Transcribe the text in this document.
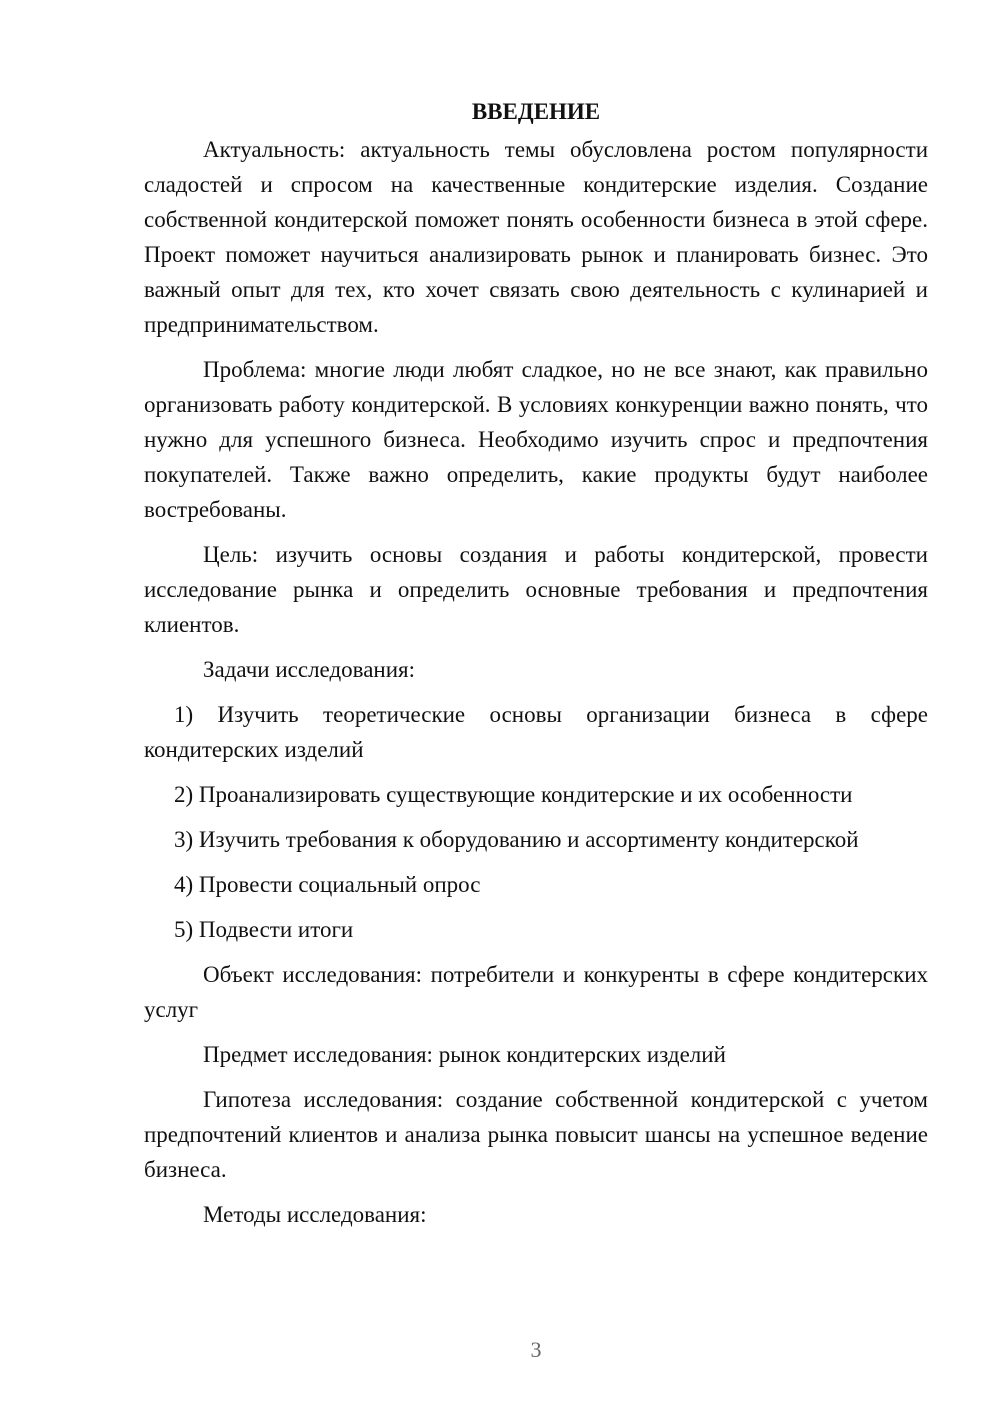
ВВЕДЕНИЕ

Актуальность: актуальность темы обусловлена ростом популярности сладостей и спросом на качественные кондитерские изделия. Создание собственной кондитерской поможет понять особенности бизнеса в этой сфере. Проект поможет научиться анализировать рынок и планировать бизнес. Это важный опыт для тех, кто хочет связать свою деятельность с кулинарией и предпринимательством.

Проблема: многие люди любят сладкое, но не все знают, как правильно организовать работу кондитерской. В условиях конкуренции важно понять, что нужно для успешного бизнеса. Необходимо изучить спрос и предпочтения покупателей. Также важно определить, какие продукты будут наиболее востребованы.

Цель: изучить основы создания и работы кондитерской, провести исследование рынка и определить основные требования и предпочтения клиентов.

Задачи исследования:

1) Изучить теоретические основы организации бизнеса в сфере кондитерских изделий

2) Проанализировать существующие кондитерские и их особенности

3) Изучить требования к оборудованию и ассортименту кондитерской

4) Провести социальный опрос

5) Подвести итоги

Объект исследования: потребители и конкуренты в сфере кондитерских услуг

Предмет исследования: рынок кондитерских изделий

Гипотеза исследования: создание собственной кондитерской с учетом предпочтений клиентов и анализа рынка повысит шансы на успешное ведение бизнеса.

Методы исследования:

3
